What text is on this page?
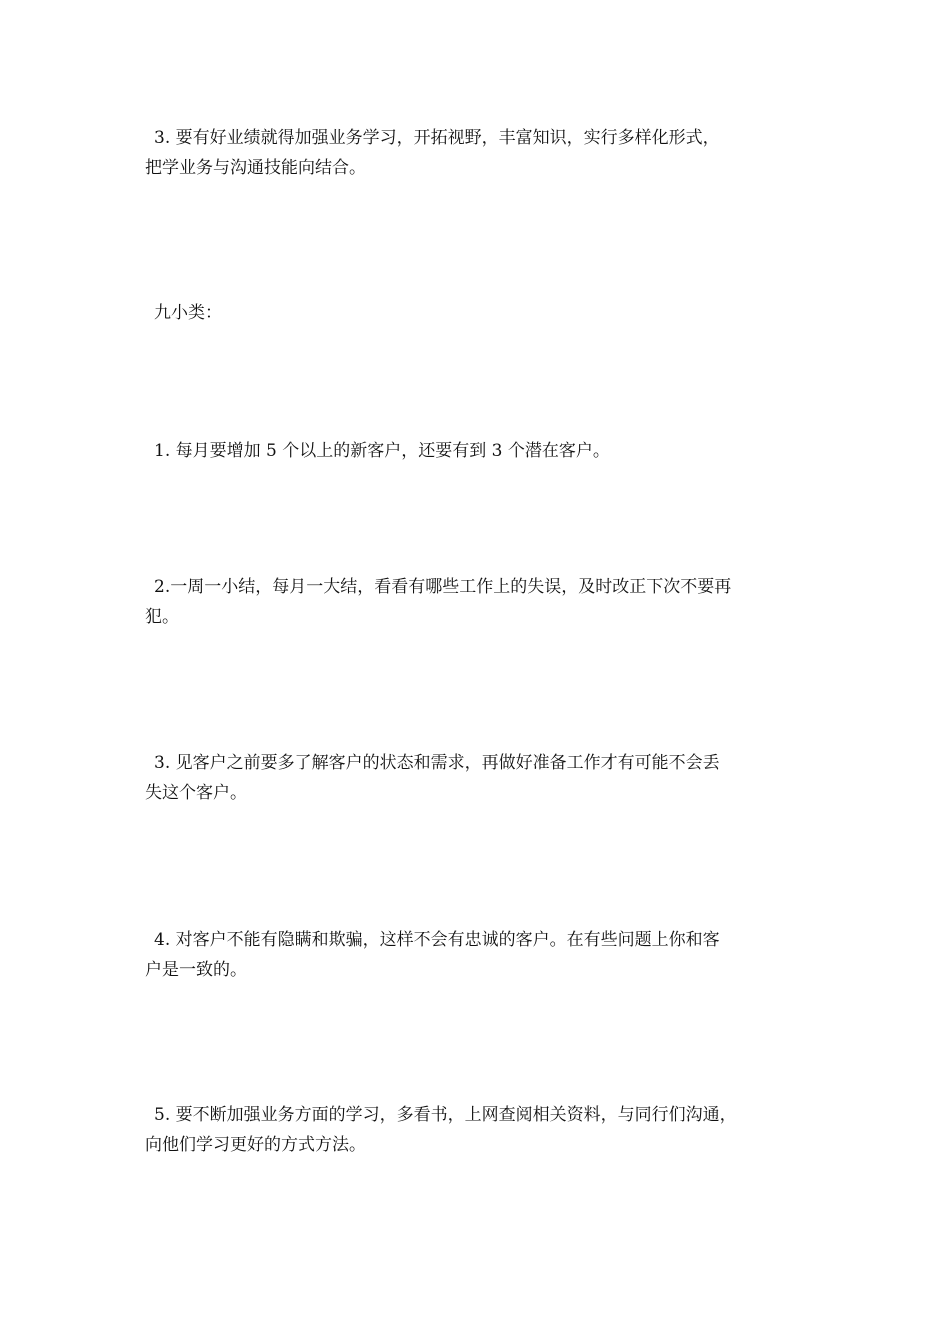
3. 要有好业绩就得加强业务学习，开拓视野，丰富知识，实行多样化形式，
把学业务与沟通技能向结合。

九小类：

1. 每月要增加 5 个以上的新客户，还要有到 3 个潜在客户。

2.一周一小结，每月一大结，看看有哪些工作上的失误，及时改正下次不要再
犯。

3. 见客户之前要多了解客户的状态和需求，再做好准备工作才有可能不会丢
失这个客户。

4. 对客户不能有隐瞒和欺骗，这样不会有忠诚的客户。在有些问题上你和客
户是一致的。

5. 要不断加强业务方面的学习，多看书，上网查阅相关资料，与同行们沟通，
向他们学习更好的方式方法。
